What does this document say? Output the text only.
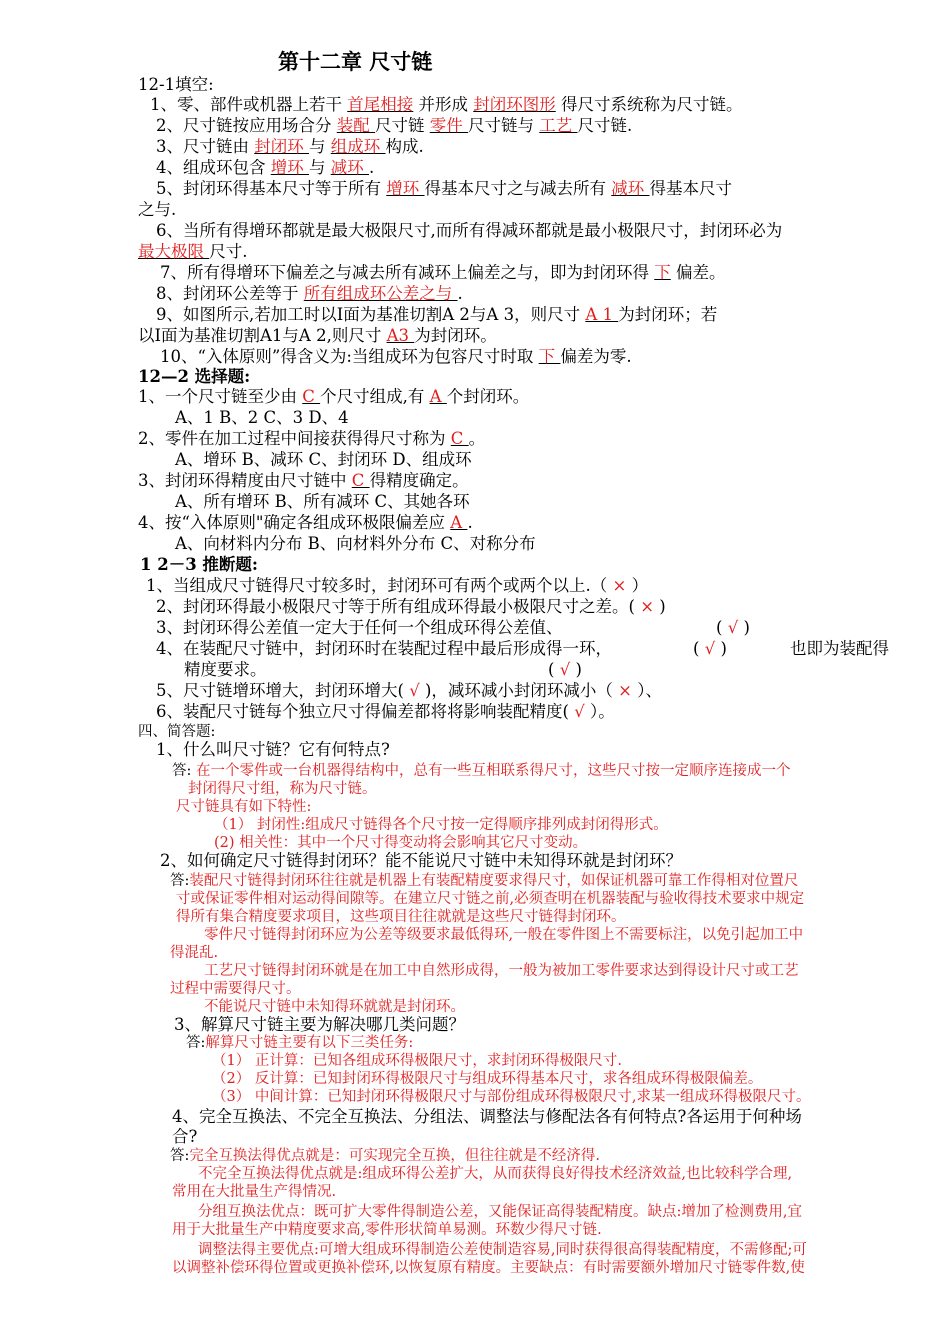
第十二章 尺寸链
12-1填空:
1、零、部件或机器上若干 首尾相接 并形成 封闭环图形 得尺寸系统称为尺寸链。
2、尺寸链按应用场合分 装配 尺寸链 零件 尺寸链与 工艺 尺寸链.
3、尺寸链由 封闭环 与 组成环 构成.
4、组成环包含 增环 与 减环 .
5、封闭环得基本尺寸等于所有 增环 得基本尺寸之与减去所有 减环 得基本尺寸
之与.
6、当所有得增环都就是最大极限尺寸,而所有得减环都就是最小极限尺寸，封闭环必为
最大极限 尺寸.
7、所有得增环下偏差之与减去所有减环上偏差之与，即为封闭环得 下 偏差。
8、封闭环公差等于 所有组成环公差之与 .
9、如图所示,若加工时以Ⅰ面为基准切割A 2与A 3，则尺寸 A 1 为封闭环；若
以Ⅰ面为基准切割A1与A 2,则尺寸 A3 为封闭环。
10、“入体原则”得含义为:当组成环为包容尺寸时取 下 偏差为零.
12—2 选择题:
1、一个尺寸链至少由 C 个尺寸组成,有 A 个封闭环。
A、1 B、2 C、3 D、4
2、零件在加工过程中间接获得得尺寸称为 C 。
A、增环 B、减环 C、封闭环 D、组成环
3、封闭环得精度由尺寸链中 C 得精度确定。
A、所有增环 B、所有减环 C、其她各环
4、按“入体原则"确定各组成环极限偏差应 A .
A、向材料内分布 B、向材料外分布 C、对称分布
1 2－3 推断题:
1、当组成尺寸链得尺寸较多时，封闭环可有两个或两个以上.（ × ）
2、封闭环得最小极限尺寸等于所有组成环得最小极限尺寸之差。( × )
3、封闭环得公差值一定大于任何一个组成环得公差值、	( √ )
4、在装配尺寸链中，封闭环时在装配过程中最后形成得一环，	( √ )	也即为装配得
精度要求。	( √ )
5、尺寸链增环增大，封闭环增大( √ )，减环减小封闭环减小（ × ）、
6、装配尺寸链每个独立尺寸得偏差都将将影响装配精度( √ ）。
四、简答题:
1、什么叫尺寸链？它有何特点?
答: 在一个零件或一台机器得结构中，总有一些互相联系得尺寸，这些尺寸按一定顺序连接成一个
封闭得尺寸组，称为尺寸链。
尺寸链具有如下特性:
（1） 封闭性:组成尺寸链得各个尺寸按一定得顺序排列成封闭得形式。
(2) 相关性：其中一个尺寸得变动将会影响其它尺寸变动。
2、如何确定尺寸链得封闭环？能不能说尺寸链中未知得环就是封闭环？
答:装配尺寸链得封闭环往往就是机器上有装配精度要求得尺寸，如保证机器可靠工作得相对位置尺
寸或保证零件相对运动得间隙等。在建立尺寸链之前,必须查明在机器装配与验收得技术要求中规定
得所有集合精度要求项目，这些项目往往就就是这些尺寸链得封闭环。
零件尺寸链得封闭环应为公差等级要求最低得环,一般在零件图上不需要标注，以免引起加工中
得混乱.
工艺尺寸链得封闭环就是在加工中自然形成得，一般为被加工零件要求达到得设计尺寸或工艺
过程中需要得尺寸。
不能说尺寸链中未知得环就就是封闭环。
3、解算尺寸链主要为解决哪几类问题？
答:解算尺寸链主要有以下三类任务:
（1） 正计算：已知各组成环得极限尺寸，求封闭环得极限尺寸.
（2） 反计算：已知封闭环得极限尺寸与组成环得基本尺寸，求各组成环得极限偏差。
（3） 中间计算：已知封闭环得极限尺寸与部份组成环得极限尺寸,求某一组成环得极限尺寸。
4、完全互换法、不完全互换法、分组法、调整法与修配法各有何特点?各运用于何种场
合?
答:完全互换法得优点就是：可实现完全互换，但往往就是不经济得.
不完全互换法得优点就是:组成环得公差扩大，从而获得良好得技术经济效益,也比较科学合理,
常用在大批量生产得情况.
分组互换法优点：既可扩大零件得制造公差，又能保证高得装配精度。缺点:增加了检测费用,宜
用于大批量生产中精度要求高,零件形状简单易测。环数少得尺寸链.
调整法得主要优点:可增大组成环得制造公差使制造容易,同时获得很高得装配精度，不需修配;可
以调整补偿环得位置或更换补偿环,以恢复原有精度。主要缺点：有时需要额外增加尺寸链零件数,使
